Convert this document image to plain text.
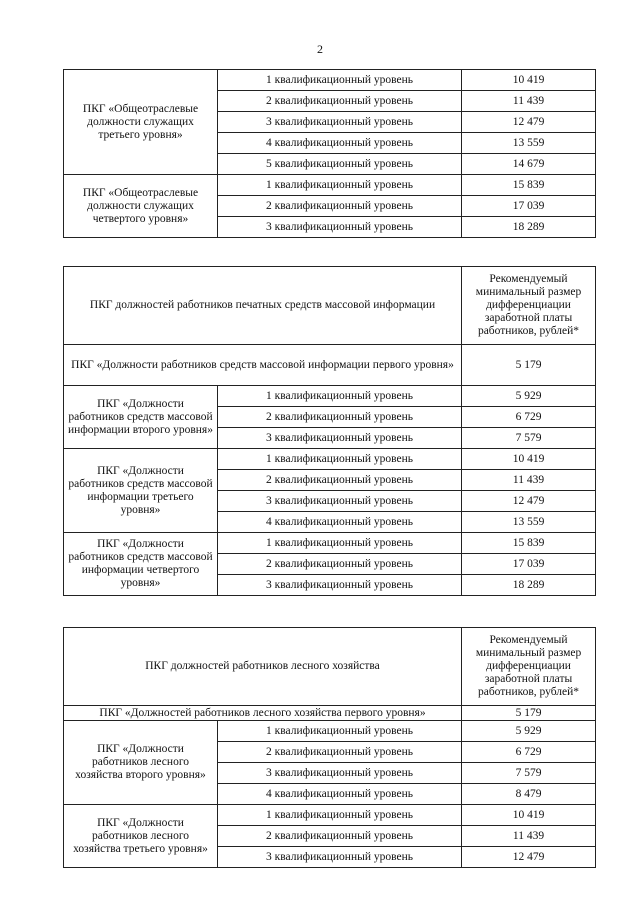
2
ПКГ «Общеотраслевые должности служащих третьего уровня»	1 квалификационный уровень	10 419
	2 квалификационный уровень	11 439
	3 квалификационный уровень	12 479
	4 квалификационный уровень	13 559
	5 квалификационный уровень	14 679
ПКГ «Общеотраслевые должности служащих четвертого уровня»	1 квалификационный уровень	15 839
	2 квалификационный уровень	17 039
	3 квалификационный уровень	18 289
ПКГ должностей работников печатных средств массовой информации		Рекомендуемый минимальный размер дифференциации заработной платы работников, рублей*
ПКГ «Должности работников средств массовой информации первого уровня»		5 179
ПКГ «Должности работников средств массовой информации второго уровня»	1 квалификационный уровень	5 929
	2 квалификационный уровень	6 729
	3 квалификационный уровень	7 579
ПКГ «Должности работников средств массовой информации третьего уровня»	1 квалификационный уровень	10 419
	2 квалификационный уровень	11 439
	3 квалификационный уровень	12 479
	4 квалификационный уровень	13 559
ПКГ «Должности работников средств массовой информации четвертого уровня»	1 квалификационный уровень	15 839
	2 квалификационный уровень	17 039
	3 квалификационный уровень	18 289
ПКГ должностей работников лесного хозяйства		Рекомендуемый минимальный размер дифференциации заработной платы работников, рублей*
ПКГ «Должностей работников лесного хозяйства первого уровня»		5 179
ПКГ «Должности работников лесного хозяйства второго уровня»	1 квалификационный уровень	5 929
	2 квалификационный уровень	6 729
	3 квалификационный уровень	7 579
	4 квалификационный уровень	8 479
ПКГ «Должности работников лесного хозяйства третьего уровня»	1 квалификационный уровень	10 419
	2 квалификационный уровень	11 439
	3 квалификационный уровень	12 479
